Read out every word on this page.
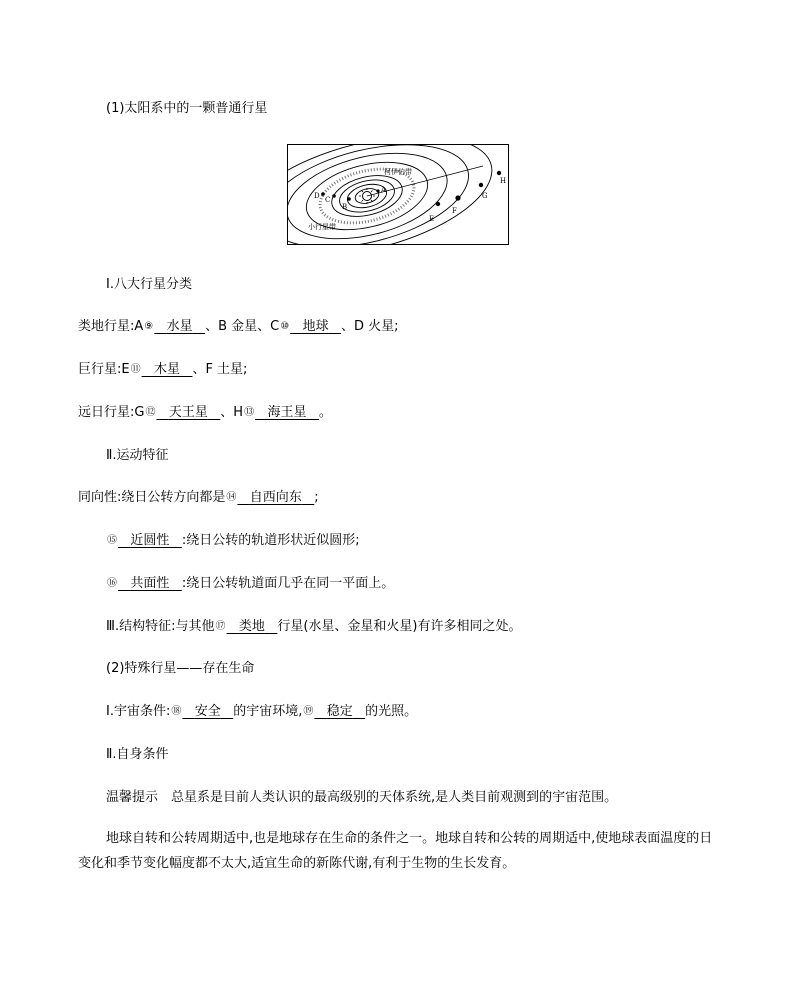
(1)太阳系中的一颗普通行星
A
B
C
D
E
F
G
H
柯伊伯带
小行星带
Ⅰ.八大行星分类
类地行星:A⑨ 水星 、B 金星、C⑩ 地球 、D 火星;
巨行星:E⑪ 木星 、F 土星;
远日行星:G⑫ 天王星 、H⑬ 海王星 。
Ⅱ.运动特征
同向性:绕日公转方向都是⑭ 自西向东 ;
⑮ 近圆性 :绕日公转的轨道形状近似圆形;
⑯ 共面性 :绕日公转轨道面几乎在同一平面上。
Ⅲ.结构特征:与其他⑰ 类地 行星(水星、金星和火星)有许多相同之处。
(2)特殊行星——存在生命
Ⅰ.宇宙条件:⑱ 安全 的宇宙环境,⑲ 稳定 的光照。
Ⅱ.自身条件
温馨提示 总星系是目前人类认识的最高级别的天体系统,是人类目前观测到的宇宙范围。
地球自转和公转周期适中,也是地球存在生命的条件之一。地球自转和公转的周期适中,使地球表面温度的日变化和季节变化幅度都不太大,适宜生命的新陈代谢,有利于生物的生长发育。
